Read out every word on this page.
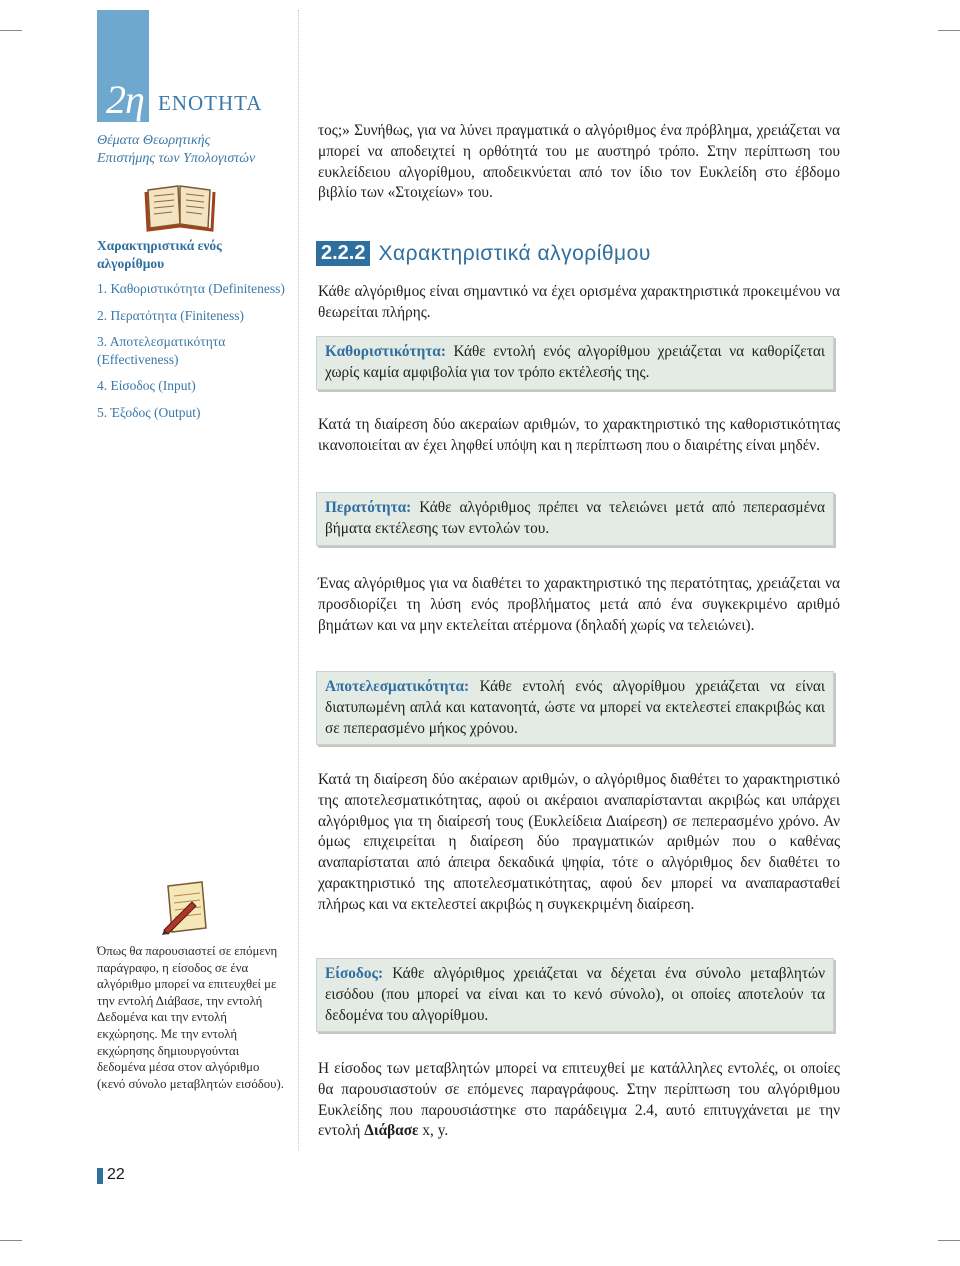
2η ΕΝΟΤΗΤΑ
Θέματα Θεωρητικής
Επιστήμης των Υπολογιστών
Χαρακτηριστικά ενός αλγορίθμου
1. Καθοριστικότητα (Definiteness)
2. Περατότητα (Finiteness)
3. Αποτελεσματικότητα (Effectiveness)
4. Είσοδος (Input)
5. Έξοδος (Output)
τος;» Συνήθως, για να λύνει πραγματικά ο αλγόριθμος ένα πρόβλημα, χρειάζεται να μπορεί να αποδειχτεί η ορθότητά του με αυστηρό τρόπο. Στην περίπτωση του ευκλείδειου αλγορίθμου, αποδεικνύεται από τον ίδιο τον Ευκλείδη στο έβδομο βιβλίο των «Στοιχείων» του.
2.2.2 Χαρακτηριστικά αλγορίθμου
Κάθε αλγόριθμος είναι σημαντικό να έχει ορισμένα χαρακτηριστικά προκειμένου να θεωρείται πλήρης.
Καθοριστικότητα: Κάθε εντολή ενός αλγορίθμου χρειάζεται να καθορίζεται χωρίς καμία αμφιβολία για τον τρόπο εκτέλεσής της.
Κατά τη διαίρεση δύο ακεραίων αριθμών, το χαρακτηριστικό της καθοριστικότητας ικανοποιείται αν έχει ληφθεί υπόψη και η περίπτωση που ο διαιρέτης είναι μηδέν.
Περατότητα: Κάθε αλγόριθμος πρέπει να τελειώνει μετά από πεπερασμένα βήματα εκτέλεσης των εντολών του.
Ένας αλγόριθμος για να διαθέτει το χαρακτηριστικό της περατότητας, χρειάζεται να προσδιορίζει τη λύση ενός προβλήματος μετά από ένα συγκεκριμένο αριθμό βημάτων και να μην εκτελείται ατέρμονα (δηλαδή χωρίς να τελειώνει).
Αποτελεσματικότητα: Κάθε εντολή ενός αλγορίθμου χρειάζεται να είναι διατυπωμένη απλά και κατανοητά, ώστε να μπορεί να εκτελεστεί επακριβώς και σε πεπερασμένο μήκος χρόνου.
Κατά τη διαίρεση δύο ακέραιων αριθμών, ο αλγόριθμος διαθέτει το χαρακτηριστικό της αποτελεσματικότητας, αφού οι ακέραιοι αναπαρίστανται ακριβώς και υπάρχει αλγόριθμος για τη διαίρεσή τους (Ευκλείδεια Διαίρεση) σε πεπερασμένο χρόνο. Αν όμως επιχειρείται η διαίρεση δύο πραγματικών αριθμών που ο καθένας αναπαρίσταται από άπειρα δεκαδικά ψηφία, τότε ο αλγόριθμος δεν διαθέτει το χαρακτηριστικό της αποτελεσματικότητας, αφού δεν μπορεί να αναπαρασταθεί πλήρως και να εκτελεστεί ακριβώς η συγκεκριμένη διαίρεση.
Είσοδος: Κάθε αλγόριθμος χρειάζεται να δέχεται ένα σύνολο μεταβλητών εισόδου (που μπορεί να είναι και το κενό σύνολο), οι οποίες αποτελούν τα δεδομένα του αλγορίθμου.
Η είσοδος των μεταβλητών μπορεί να επιτευχθεί με κατάλληλες εντολές, οι οποίες θα παρουσιαστούν σε επόμενες παραγράφους. Στην περίπτωση του αλγόριθμου Ευκλείδης που παρουσιάστηκε στο παράδειγμα 2.4, αυτό επιτυγχάνεται με την εντολή Διάβασε x, y.
Όπως θα παρουσιαστεί σε επόμενη παράγραφο, η είσοδος σε ένα αλγόριθμο μπορεί να επιτευχθεί με την εντολή Διάβασε, την εντολή Δεδομένα και την εντολή εκχώρησης. Με την εντολή εκχώρησης δημιουργούνται δεδομένα μέσα στον αλγόριθμο (κενό σύνολο μεταβλητών εισόδου).
22
